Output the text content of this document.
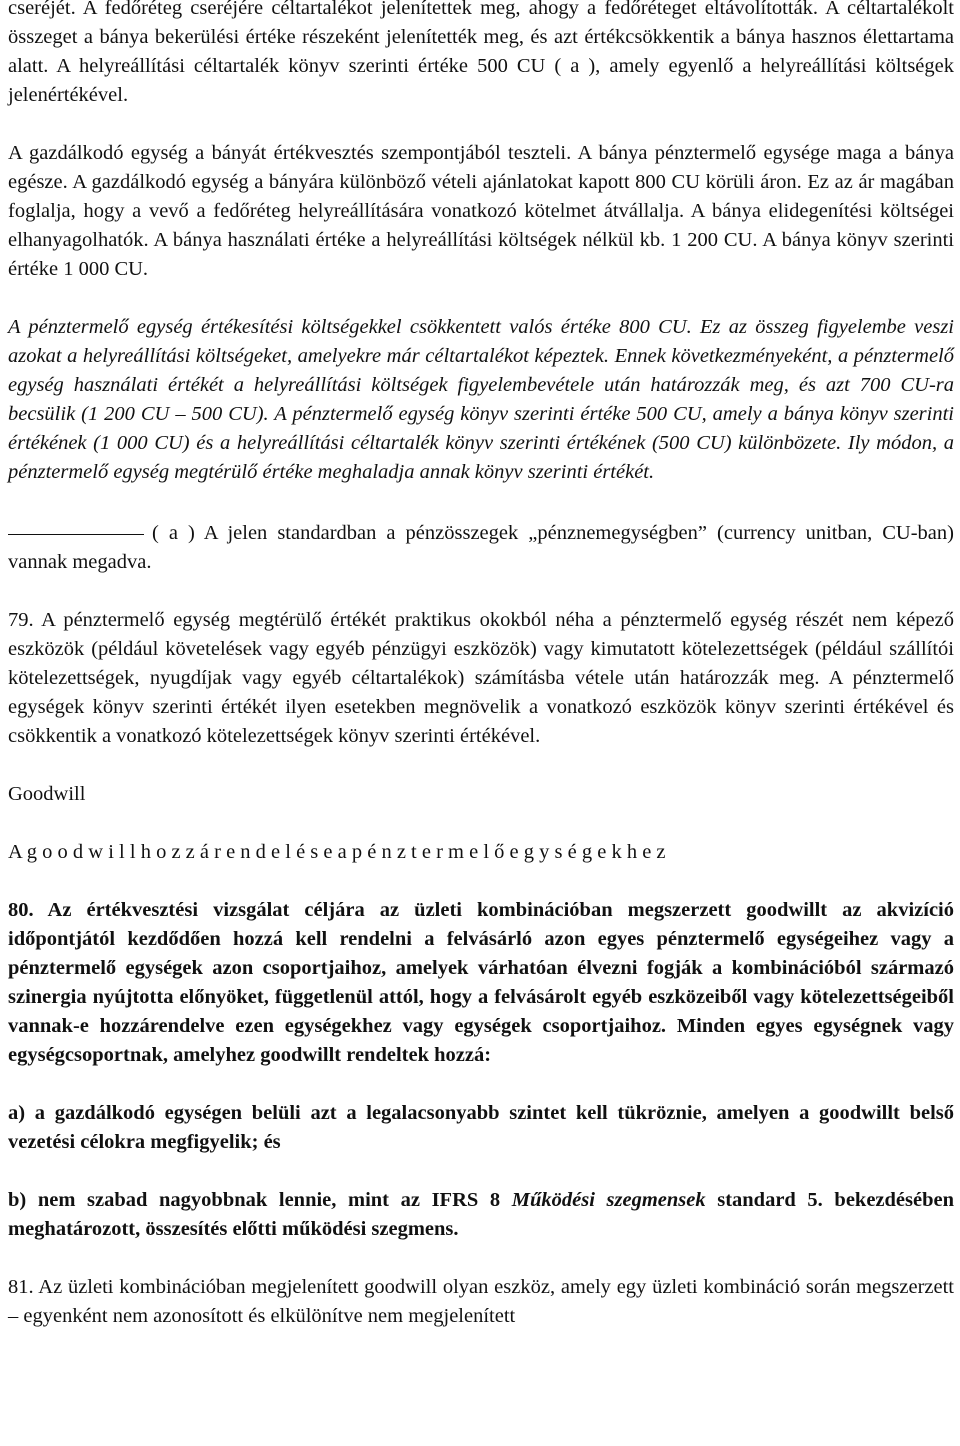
cseréjét. A fedőréteg cseréjére céltartalékot jelenítettek meg, ahogy a fedőréteget eltávolították. A céltartalékolt összeget a bánya bekerülési értéke részeként jelenítették meg, és azt értékcsökkentik a bánya hasznos élettartama alatt. A helyreállítási céltartalék könyv szerinti értéke 500 CU ( a ), amely egyenlő a helyreállítási költségek jelenértékével.

A gazdálkodó egység a bányát értékvesztés szempontjából teszteli. A bánya pénztermelő egysége maga a bánya egésze. A gazdálkodó egység a bányára különböző vételi ajánlatokat kapott 800 CU körüli áron. Ez az ár magában foglalja, hogy a vevő a fedőréteg helyreállítására vonatkozó kötelmet átvállalja. A bánya elidegenítési költségei elhanyagolhatók. A bánya használati értéke a helyreállítási költségek nélkül kb. 1 200 CU. A bánya könyv szerinti értéke 1 000 CU.

A pénztermelő egység értékesítési költségekkel csökkentett valós értéke 800 CU. Ez az összeg figyelembe veszi azokat a helyreállítási költségeket, amelyekre már céltartalékot képeztek. Ennek következményeként, a pénztermelő egység használati értékét a helyreállítási költségek figyelembevétele után határozzák meg, és azt 700 CU-ra becsülik (1 200 CU – 500 CU). A pénztermelő egység könyv szerinti értéke 500 CU, amely a bánya könyv szerinti értékének (1 000 CU) és a helyreállítási céltartalék könyv szerinti értékének (500 CU) különbözete. Ily módon, a pénztermelő egység megtérülő értéke meghaladja annak könyv szerinti értékét.

( a ) A jelen standardban a pénzösszegek „pénznemegységben” (currency unitban, CU-ban) vannak megadva.

79. A pénztermelő egység megtérülő értékét praktikus okokból néha a pénztermelő egység részét nem képező eszközök (például követelések vagy egyéb pénzügyi eszközök) vagy kimutatott kötelezettségek (például szállítói kötelezettségek, nyugdíjak vagy egyéb céltartalékok) számításba vétele után határozzák meg. A pénztermelő egységek könyv szerinti értékét ilyen esetekben megnövelik a vonatkozó eszközök könyv szerinti értékével és csökkentik a vonatkozó kötelezettségek könyv szerinti értékével.

Goodwill

A g o o d w i l l h o z z á r e n d e l é s e a p é n z t e r m e l ő e g y s é g e k h e z

80. Az értékvesztési vizsgálat céljára az üzleti kombinációban megszerzett goodwillt az akvizíció időpontjától kezdődően hozzá kell rendelni a felvásárló azon egyes pénztermelő egységeihez vagy a pénztermelő egységek azon csoportjaihoz, amelyek várhatóan élvezni fogják a kombinációból származó szinergia nyújtotta előnyöket, függetlenül attól, hogy a felvásárolt egyéb eszközeiből vagy kötelezettségeiből vannak-e hozzárendelve ezen egységekhez vagy egységek csoportjaihoz. Minden egyes egységnek vagy egységcsoportnak, amelyhez goodwillt rendeltek hozzá:

a) a gazdálkodó egységen belüli azt a legalacsonyabb szintet kell tükröznie, amelyen a goodwillt belső vezetési célokra megfigyelik; és

b) nem szabad nagyobbnak lennie, mint az IFRS 8 Működési szegmensek standard 5. bekezdésében meghatározott, összesítés előtti működési szegmens.

81. Az üzleti kombinációban megjelenített goodwill olyan eszköz, amely egy üzleti kombináció során megszerzett – egyenként nem azonosított és elkülönítve nem megjelenített
